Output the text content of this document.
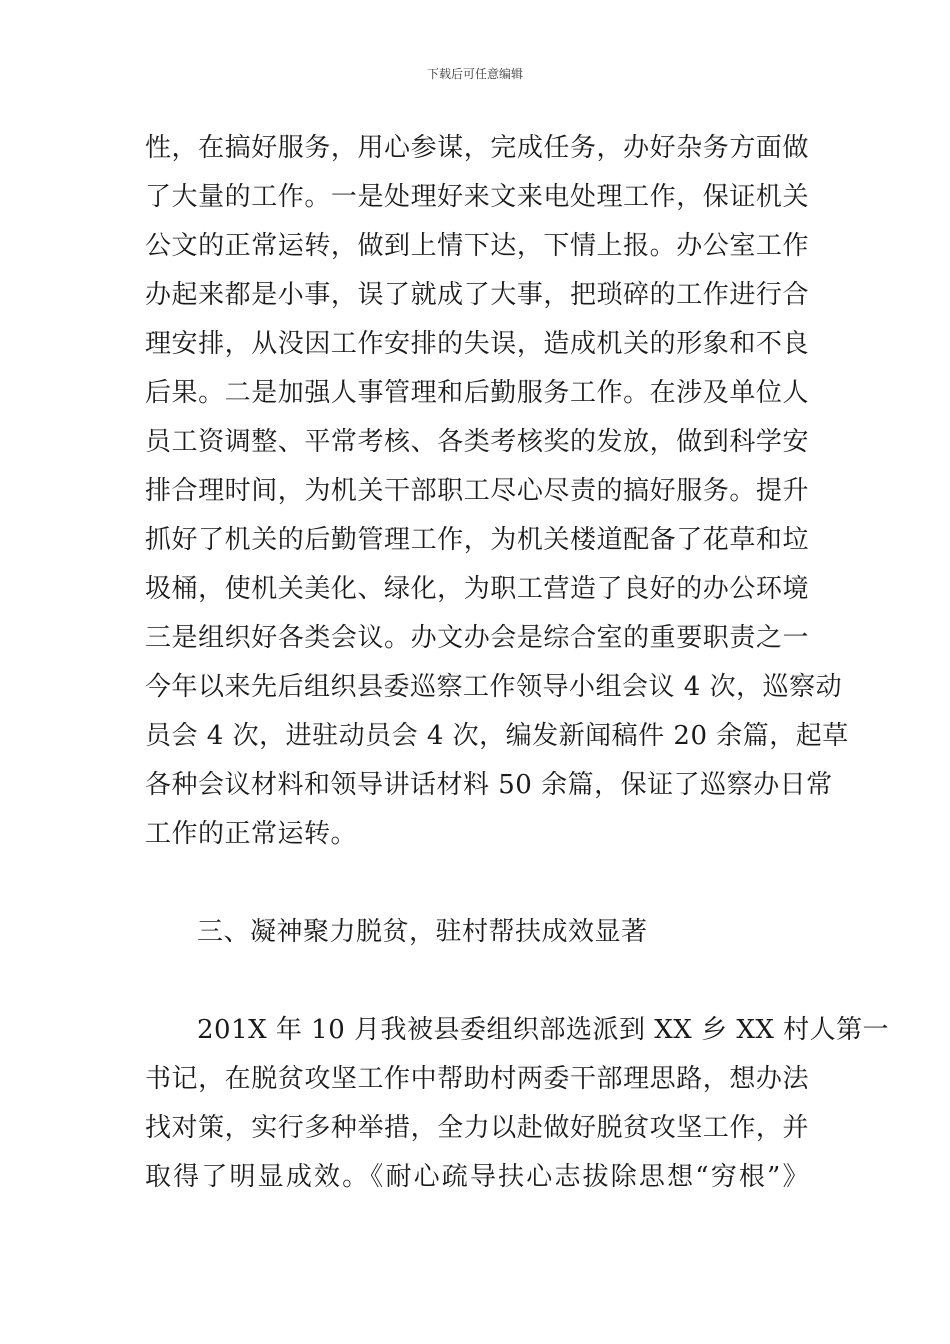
下载后可任意编辑
性，在搞好服务，用心参谋，完成任务，办好杂务方面做
了大量的工作。一是处理好来文来电处理工作，保证机关
公文的正常运转，做到上情下达，下情上报。办公室工作
办起来都是小事，误了就成了大事，把琐碎的工作进行合
理安排，从没因工作安排的失误，造成机关的形象和不良
后果。二是加强人事管理和后勤服务工作。在涉及单位人
员工资调整、平常考核、各类考核奖的发放，做到科学安
排合理时间，为机关干部职工尽心尽责的搞好服务。提升
抓好了机关的后勤管理工作，为机关楼道配备了花草和垃
圾桶，使机关美化、绿化，为职工营造了良好的办公环境
三是组织好各类会议。办文办会是综合室的重要职责之一
今年以来先后组织县委巡察工作领导小组会议 4 次，巡察动
员会 4 次，进驻动员会 4 次，编发新闻稿件 20 余篇，起草
各种会议材料和领导讲话材料 50 余篇，保证了巡察办日常
工作的正常运转。
三、凝神聚力脱贫，驻村帮扶成效显著
201X 年 10 月我被县委组织部选派到 XX 乡 XX 村人第一
书记，在脱贫攻坚工作中帮助村两委干部理思路，想办法
找对策，实行多种举措，全力以赴做好脱贫攻坚工作，并
取得了明显成效。《耐心疏导扶心志拔除思想“穷根”》
